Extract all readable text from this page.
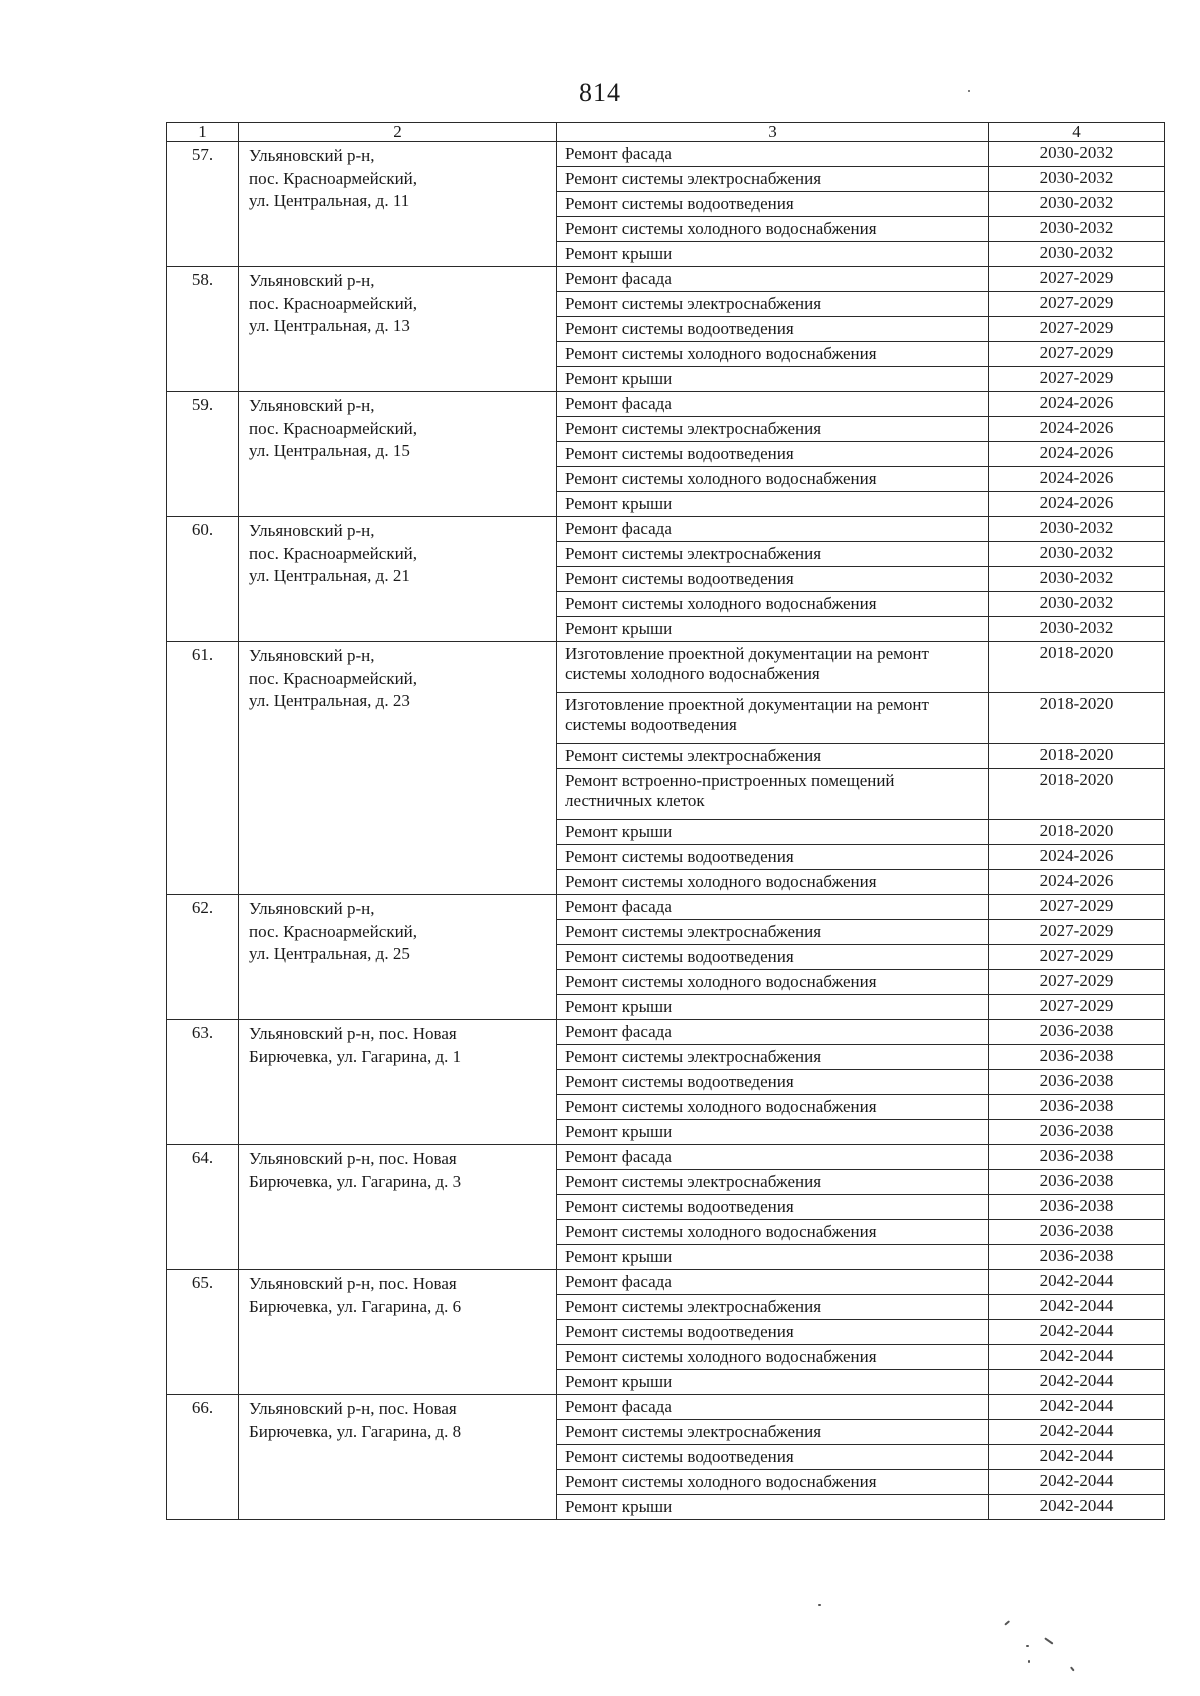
814
1	2	3	4
57.	Ульяновский р-н,
пос. Красноармейский,
ул. Центральная, д. 11	Ремонт фасада	2030-2032
		Ремонт системы электроснабжения	2030-2032
		Ремонт системы водоотведения	2030-2032
		Ремонт системы холодного водоснабжения	2030-2032
		Ремонт крыши	2030-2032
58.	Ульяновский р-н,
пос. Красноармейский,
ул. Центральная, д. 13	Ремонт фасада	2027-2029
		Ремонт системы электроснабжения	2027-2029
		Ремонт системы водоотведения	2027-2029
		Ремонт системы холодного водоснабжения	2027-2029
		Ремонт крыши	2027-2029
59.	Ульяновский р-н,
пос. Красноармейский,
ул. Центральная, д. 15	Ремонт фасада	2024-2026
		Ремонт системы электроснабжения	2024-2026
		Ремонт системы водоотведения	2024-2026
		Ремонт системы холодного водоснабжения	2024-2026
		Ремонт крыши	2024-2026
60.	Ульяновский р-н,
пос. Красноармейский,
ул. Центральная, д. 21	Ремонт фасада	2030-2032
		Ремонт системы электроснабжения	2030-2032
		Ремонт системы водоотведения	2030-2032
		Ремонт системы холодного водоснабжения	2030-2032
		Ремонт крыши	2030-2032
61.	Ульяновский р-н,
пос. Красноармейский,
ул. Центральная, д. 23	Изготовление проектной документации на ремонт системы холодного водоснабжения	2018-2020
		Изготовление проектной документации на ремонт системы водоотведения	2018-2020
		Ремонт системы электроснабжения	2018-2020
		Ремонт встроенно-пристроенных помещений лестничных клеток	2018-2020
		Ремонт крыши	2018-2020
		Ремонт системы водоотведения	2024-2026
		Ремонт системы холодного водоснабжения	2024-2026
62.	Ульяновский р-н,
пос. Красноармейский,
ул. Центральная, д. 25	Ремонт фасада	2027-2029
		Ремонт системы электроснабжения	2027-2029
		Ремонт системы водоотведения	2027-2029
		Ремонт системы холодного водоснабжения	2027-2029
		Ремонт крыши	2027-2029
63.	Ульяновский р-н, пос. Новая
Бирючевка, ул. Гагарина, д. 1	Ремонт фасада	2036-2038
		Ремонт системы электроснабжения	2036-2038
		Ремонт системы водоотведения	2036-2038
		Ремонт системы холодного водоснабжения	2036-2038
		Ремонт крыши	2036-2038
64.	Ульяновский р-н, пос. Новая
Бирючевка, ул. Гагарина, д. 3	Ремонт фасада	2036-2038
		Ремонт системы электроснабжения	2036-2038
		Ремонт системы водоотведения	2036-2038
		Ремонт системы холодного водоснабжения	2036-2038
		Ремонт крыши	2036-2038
65.	Ульяновский р-н, пос. Новая
Бирючевка, ул. Гагарина, д. 6	Ремонт фасада	2042-2044
		Ремонт системы электроснабжения	2042-2044
		Ремонт системы водоотведения	2042-2044
		Ремонт системы холодного водоснабжения	2042-2044
		Ремонт крыши	2042-2044
66.	Ульяновский р-н, пос. Новая
Бирючевка, ул. Гагарина, д. 8	Ремонт фасада	2042-2044
		Ремонт системы электроснабжения	2042-2044
		Ремонт системы водоотведения	2042-2044
		Ремонт системы холодного водоснабжения	2042-2044
		Ремонт крыши	2042-2044
